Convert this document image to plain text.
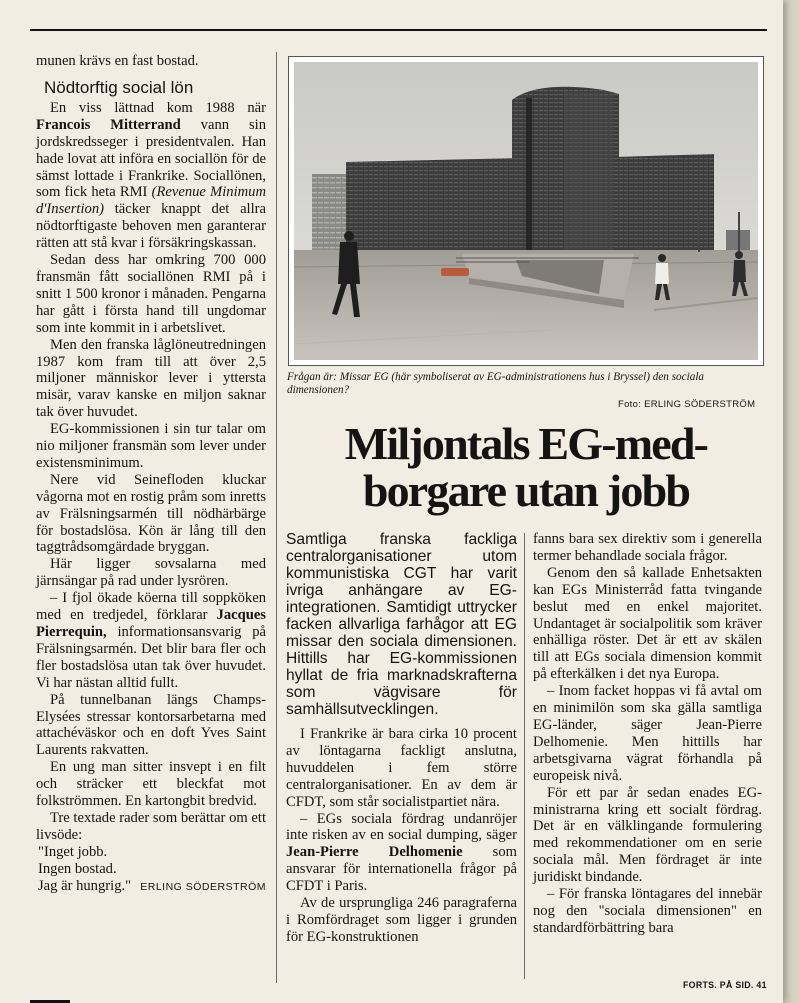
munen krävs en fast bostad.

Nödtorftig social lön

En viss lättnad kom 1988 när Francois Mitterrand vann sin jordskredsseger i presidentvalen. Han hade lovat att införa en sociallön för de sämst lottade i Frankrike. Sociallönen, som fick heta RMI (Revenue Minimum d'Insertion) täcker knappt det allra nödtorftigaste behoven men garanterar rätten att stå kvar i försäkringskassan.

Sedan dess har omkring 700 000 fransmän fått sociallönen RMI på i snitt 1 500 kronor i månaden. Pengarna har gått i första hand till ungdomar som inte kommit in i arbetslivet.

Men den franska låglöneutredningen 1987 kom fram till att över 2,5 miljoner människor lever i yttersta misär, varav kanske en miljon saknar tak över huvudet.

EG-kommissionen i sin tur talar om nio miljoner fransmän som lever under existensminimum.

Nere vid Seinefloden kluckar vågorna mot en rostig pråm som inretts av Frälsningsarmén till nödhärbärge för bostadslösa. Kön är lång till den taggtrådsomgärdade bryggan.

Här ligger sovsalarna med järnsängar på rad under lysrören.

– I fjol ökade köerna till soppköken med en tredjedel, förklarar Jacques Pierrequin, informationsansvarig på Frälsningsarmén. Det blir bara fler och fler bostadslösa utan tak över huvudet. Vi har nästan alltid fullt.

På tunnelbanan längs Champs-Elysées stressar kontorsarbetarna med attachéväskor och en doft Yves Saint Laurents rakvatten.

En ung man sitter insvept i en filt och sträcker ett bleckfat mot folkströmmen. En kartongbit bredvid.

Tre textade rader som berättar om ett livsöde:

"Inget jobb.
Ingen bostad.
Jag är hungrig." ERLING SÖDERSTRÖM

Frågan är: Missar EG (här symboliserat av EG-administrationens hus i Bryssel) den sociala dimensionen?

Foto: ERLING SÖDERSTRÖM
Miljontals EG-med-
borgare utan jobb

Samtliga franska fackliga centralorganisationer utom kommunistiska CGT har varit ivriga anhängare av EG-integrationen. Samtidigt uttrycker facken allvarliga farhågor att EG missar den sociala dimensionen. Hittills har EG-kommissionen hyllat de fria marknadskrafterna som vägvisare för samhällsutvecklingen.

I Frankrike är bara cirka 10 procent av löntagarna fackligt anslutna, huvuddelen i fem större centralorganisationer. En av dem är CFDT, som står socialistpartiet nära.

– EGs sociala fördrag undanröjer inte risken av en social dumping, säger Jean-Pierre Delhomenie som ansvarar för internationella frågor på CFDT i Paris.

Av de ursprungliga 246 paragraferna i Romfördraget som ligger i grunden för EG-konstruktionen

fanns bara sex direktiv som i generella termer behandlade sociala frågor.

Genom den så kallade Enhetsakten kan EGs Ministerråd fatta tvingande beslut med en enkel majoritet. Undantaget är socialpolitik som kräver enhälliga röster. Det är ett av skälen till att EGs sociala dimension kommit på efterkälken i det nya Europa.

– Inom facket hoppas vi få avtal om en minimilön som ska gälla samtliga EG-länder, säger Jean-Pierre Delhomenie. Men hittills har arbetsgivarna vägrat förhandla på europeisk nivå.

För ett par år sedan enades EG-ministrarna kring ett socialt fördrag. Det är en välklingande formulering med rekommendationer om en serie sociala mål. Men fördraget är inte juridiskt bindande.

– För franska löntagares del innebär nog den "sociala dimensionen" en standardförbättring bara

FORTS. PÅ SID. 41
